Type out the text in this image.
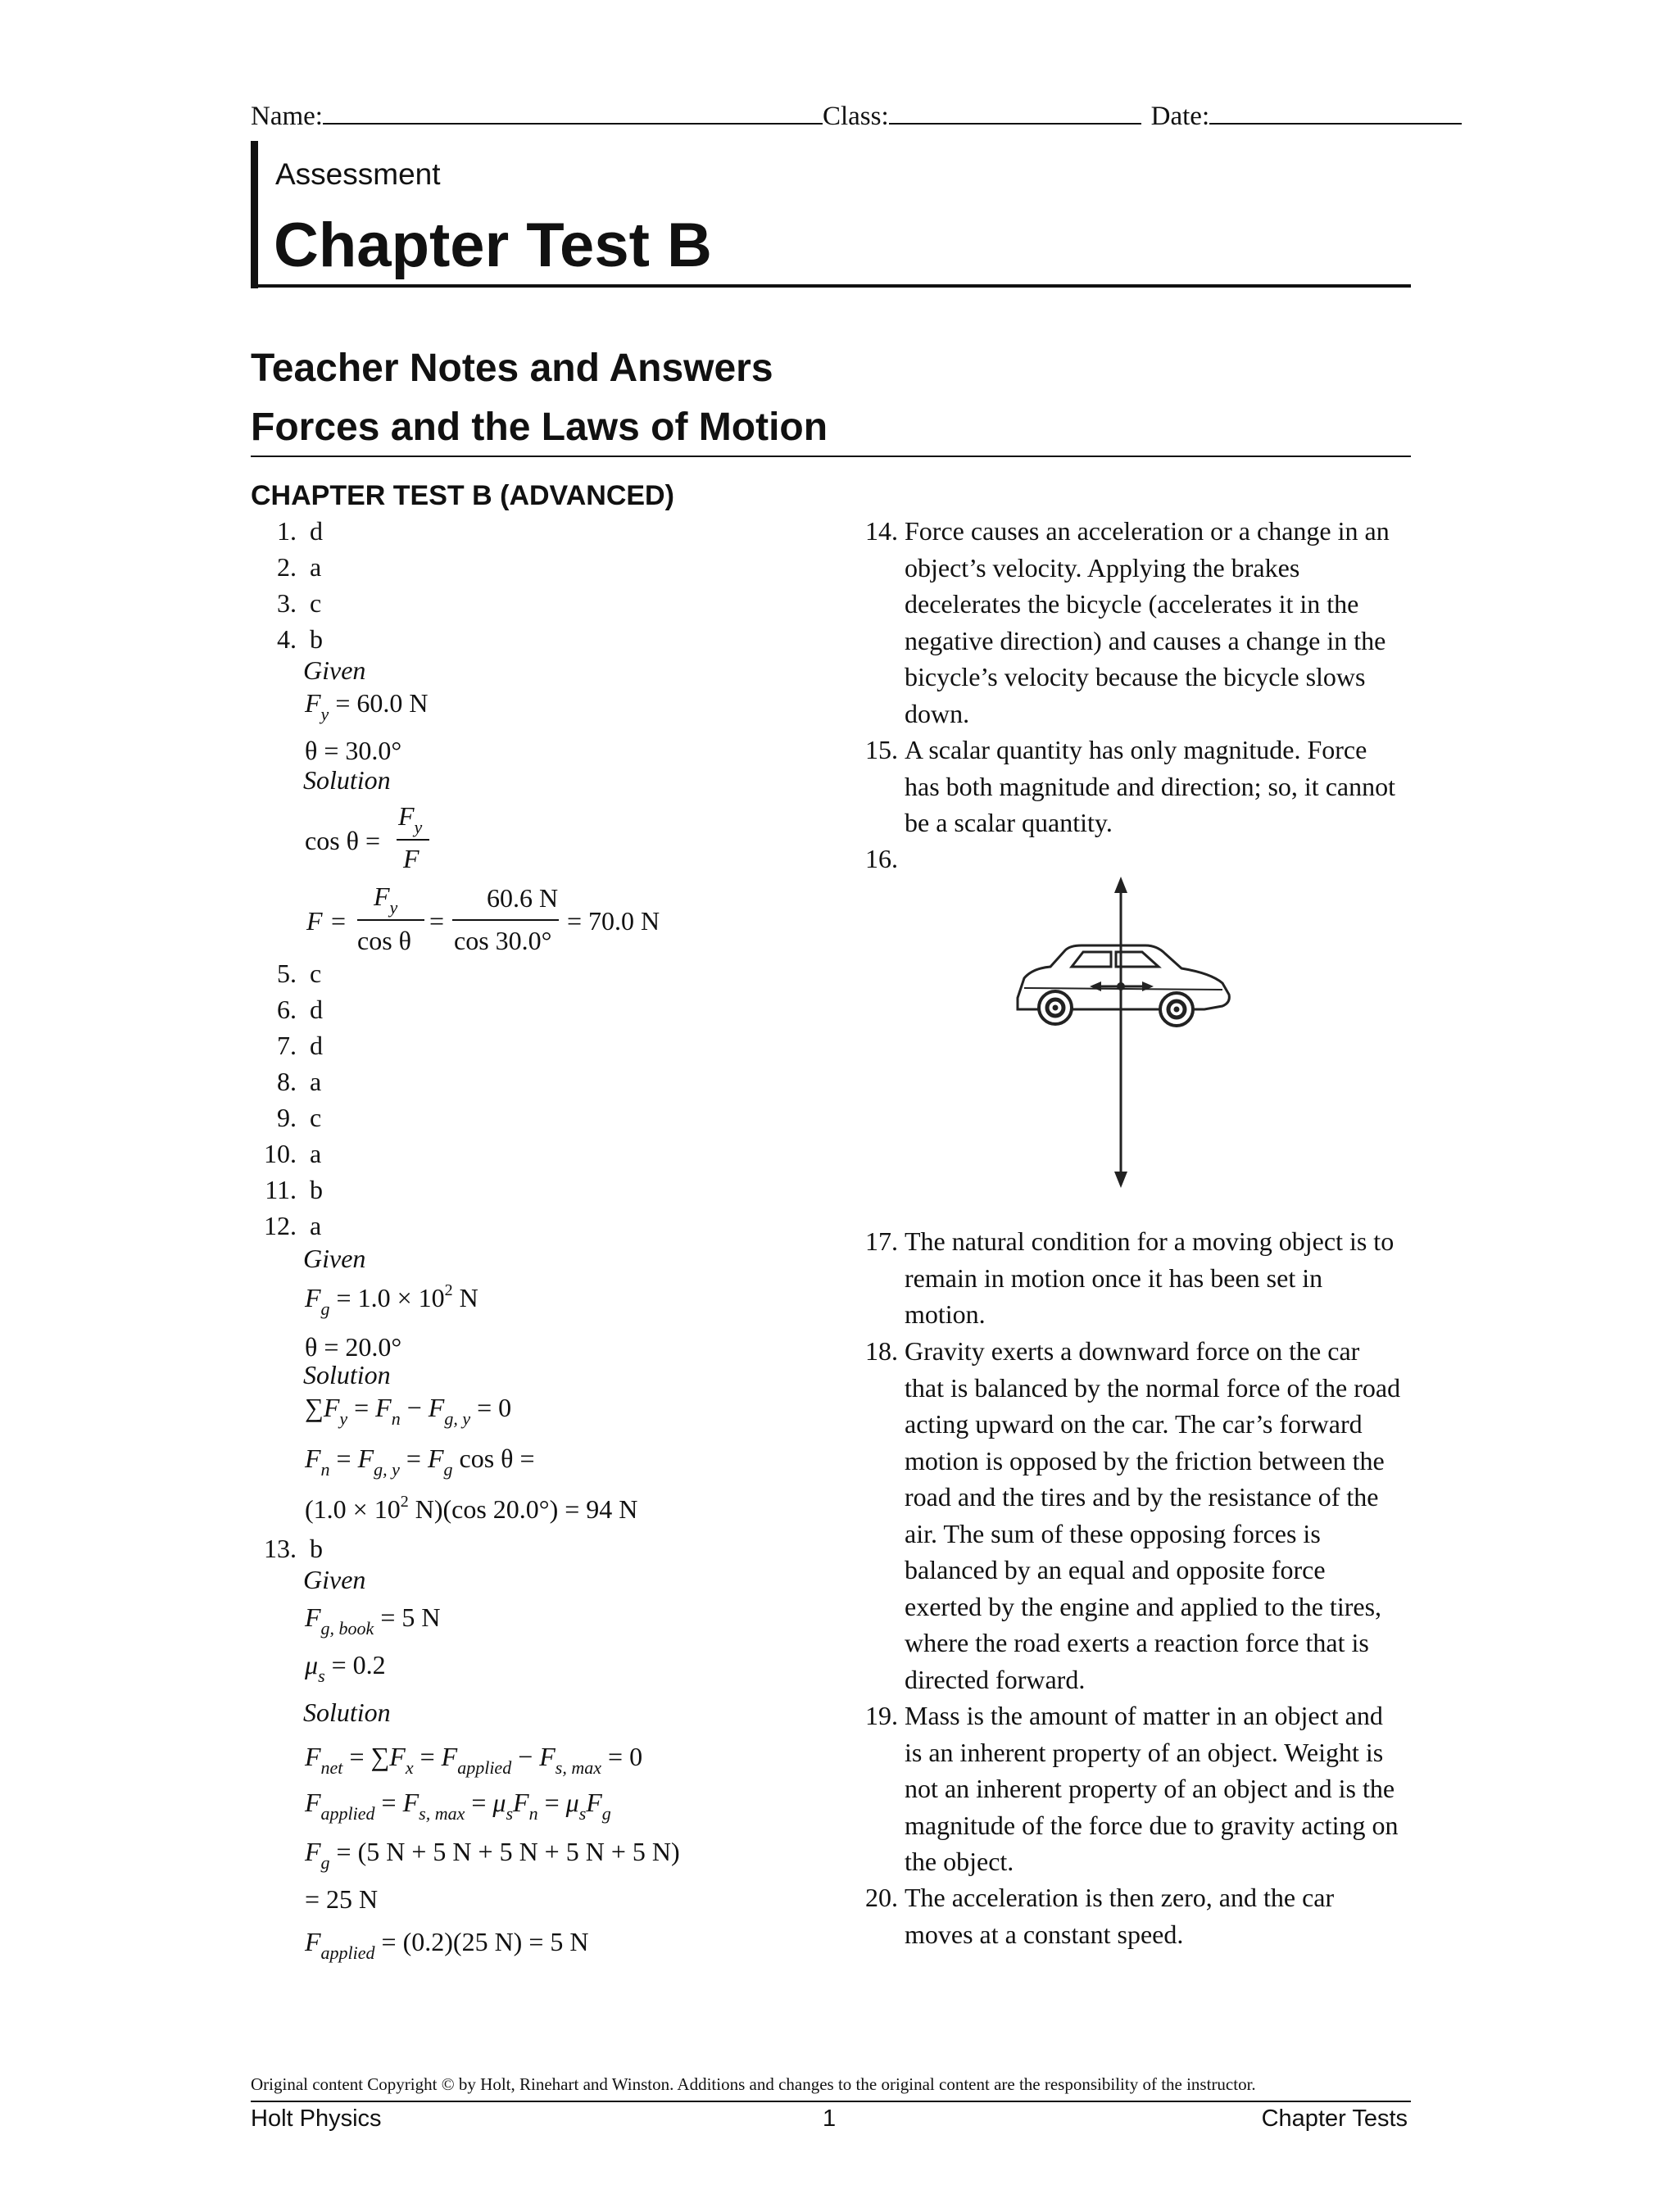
Name:	Class:	Date:
Assessment
Chapter Test B
Teacher Notes and Answers
Forces and the Laws of Motion
CHAPTER TEST B (ADVANCED)
1. d
2. a
3. c
4. b
Given
$F_y = 60.0$ N
θ = 30.0°
Solution
cos θ =
$F_y$
F
F =
$F_y$
cos θ
=
60.6 N
cos 30.0°
= 70.0 N
5. c
6. d
7. d
8. a
9. c
10. a
11. b
12. a
Given
$F_g = 1.0 \times 10^2$ N
θ = 20.0°
Solution
$\sum F_y = F_n - F_{g, y} = 0$
$F_n = F_{g, y} = F_g$ cos θ =
($1.0 \times 10^2$ N)(cos 20.0°) = 94 N
13. b
Given
$F_{g, book} = 5$ N
$\mu_s = 0.2$
Solution
$F_{net} = \sum F_x = F_{applied} - F_{s, max} = 0$
$F_{applied} = F_{s, max} = \mu_sF_n = \mu_sF_g$
$F_g = (5$ N + 5 N + 5 N + 5 N + 5 N)
= 25 N
$F_{applied} = (0.2)(25$ N) = 5 N
14. Force causes an acceleration or a change in an object’s velocity. Applying the brakes decelerates the bicycle (accelerates it in the negative direction) and causes a change in the bicycle’s velocity because the bicycle slows down.
15. A scalar quantity has only magnitude. Force has both magnitude and direction; so, it cannot be a scalar quantity.
16.
17. The natural condition for a moving object is to remain in motion once it has been set in motion.
18. Gravity exerts a downward force on the car that is balanced by the normal force of the road acting upward on the car. The car’s forward motion is opposed by the friction between the road and the tires and by the resistance of the air. The sum of these opposing forces is balanced by an equal and opposite force exerted by the engine and applied to the tires, where the road exerts a reaction force that is directed forward.
19. Mass is the amount of matter in an object and is an inherent property of an object. Weight is not an inherent property of an object and is the magnitude of the force due to gravity acting on the object.
20. The acceleration is then zero, and the car moves at a constant speed.
Original content Copyright © by Holt, Rinehart and Winston. Additions and changes to the original content are the responsibility of the instructor.
Holt Physics	1	Chapter Tests
